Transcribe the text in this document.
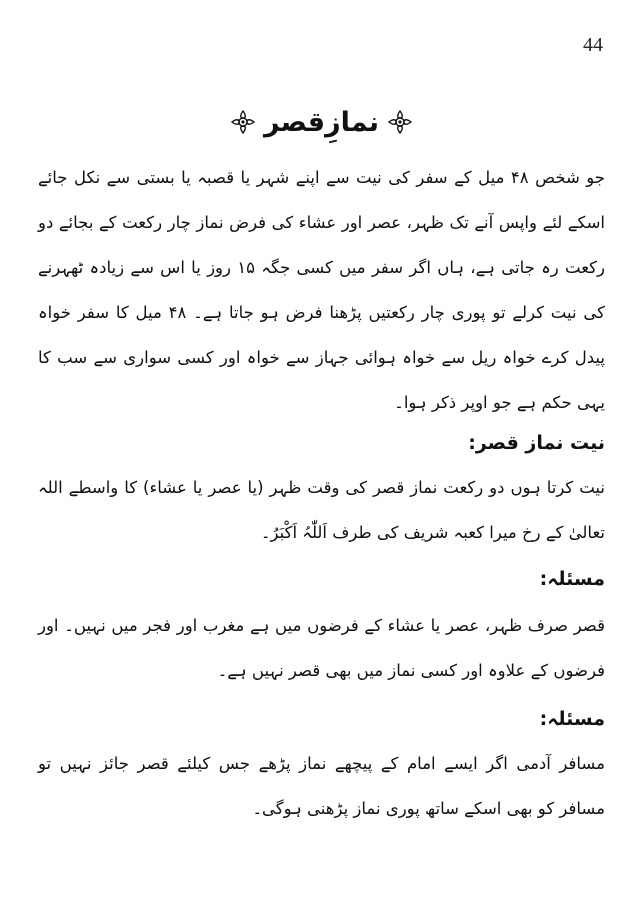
44
نمازِقصر

جو شخص ۴۸ میل کے سفر کی نیت سے اپنے شہر یا قصبہ یا بستی سے نکل جائے اسکے لئے واپس آنے تک ظہر، عصر اور عشاء کی فرض نماز چار رکعت کے بجائے دو رکعت رہ جاتی ہے، ہاں اگر سفر میں کسی جگہ ۱۵ روز یا اس سے زیادہ ٹھہرنے کی نیت کرلے تو پوری چار رکعتیں پڑھنا فرض ہو جاتا ہے۔ ۴۸ میل کا سفر خواہ پیدل کرے خواہ ریل سے خواہ ہوائی جہاز سے خواہ اور کسی سواری سے سب کا یہی حکم ہے جو اوپر ذکر ہوا۔

نیت نماز قصر:

نیت کرتا ہوں دو رکعت نماز قصر کی وقت ظہر (یا عصر یا عشاء) کا واسطے اللہ تعالیٰ کے رخ میرا کعبہ شریف کی طرف اَللّٰہُ اَکْبَرُ۔

مسئلہ:

قصر صرف ظہر، عصر یا عشاء کے فرضوں میں ہے مغرب اور فجر میں نہیں۔ اور فرضوں کے علاوہ اور کسی نماز میں بھی قصر نہیں ہے۔

مسئلہ:

مسافر آدمی اگر ایسے امام کے پیچھے نماز پڑھے جس کیلئے قصر جائز نہیں تو مسافر کو بھی اسکے ساتھ پوری نماز پڑھنی ہوگی۔
